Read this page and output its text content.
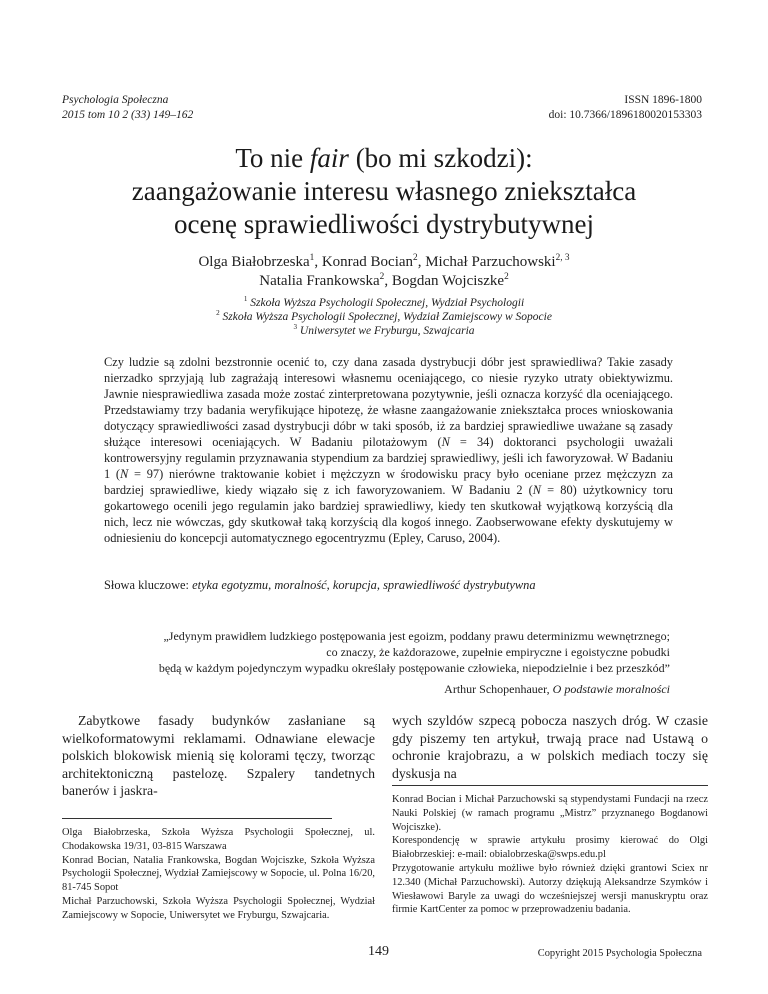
Psychologia Społeczna
2015 tom 10 2 (33) 149–162
ISSN 1896-1800
doi: 10.7366/1896180020153303
To nie fair (bo mi szkodzi):
zaangażowanie interesu własnego zniekształca
ocenę sprawiedliwości dystrybutywnej
Olga Białobrzeska$^1$, Konrad Bocian$^2$, Michał Parzuchowski$^{2, 3}$
Natalia Frankowska$^2$, Bogdan Wojciszke$^2$
$^1$ Szkoła Wyższa Psychologii Społecznej, Wydział Psychologii
$^2$ Szkoła Wyższa Psychologii Społecznej, Wydział Zamiejscowy w Sopocie
$^3$ Uniwersytet we Fryburgu, Szwajcaria
Czy ludzie są zdolni bezstronnie ocenić to, czy dana zasada dystrybucji dóbr jest sprawiedliwa? Takie zasady nierzadko sprzyjają lub zagrażają interesowi własnemu oceniającego, co niesie ryzyko utraty obiektywizmu. Jawnie niesprawiedliwa zasada może zostać zinterpretowana pozytywnie, jeśli oznacza korzyść dla oceniającego. Przedstawiamy trzy badania weryfikujące hipotezę, że własne zaangażowanie zniekształca proces wnioskowania dotyczący sprawiedliwości zasad dystrybucji dóbr w taki sposób, iż za bardziej sprawiedliwe uważane są zasady służące interesowi oceniających. W Badaniu pilotażowym (N = 34) doktoranci psychologii uważali kontrowersyjny regulamin przyznawania stypendium za bardziej sprawiedliwy, jeśli ich faworyzował. W Badaniu 1 (N = 97) nierówne traktowanie kobiet i mężczyzn w środowisku pracy było oceniane przez mężczyzn za bardziej sprawiedliwe, kiedy wiązało się z ich faworyzowaniem. W Badaniu 2 (N = 80) użytkownicy toru gokartowego ocenili jego regulamin jako bardziej sprawiedliwy, kiedy ten skutkował wyjątkową korzyścią dla nich, lecz nie wówczas, gdy skutkował taką korzyścią dla kogoś innego. Zaobserwowane efekty dyskutujemy w odniesieniu do koncepcji automatycznego egocentryzmu (Epley, Caruso, 2004).
Słowa kluczowe: etyka egotyzmu, moralność, korupcja, sprawiedliwość dystrybutywna
„Jedynym prawidłem ludzkiego postępowania jest egoizm, poddany prawu determinizmu wewnętrznego;
co znaczy, że każdorazowe, zupełnie empiryczne i egoistyczne pobudki
będą w każdym pojedynczym wypadku określały postępowanie człowieka, niepodzielnie i bez przeszkód”
Arthur Schopenhauer, O podstawie moralności

Zabytkowe fasady budynków zasłaniane są wielkoformatowymi reklamami. Odnawiane elewacje polskich blokowisk mienią się kolorami tęczy, tworząc architektoniczną pastelozę. Szpalery tandetnych banerów i jaskra-

wych szyldów szpecą pobocza naszych dróg. W czasie gdy piszemy ten artykuł, trwają prace nad Ustawą o ochronie krajobrazu, a w polskich mediach toczy się dyskusja na

Olga Białobrzeska, Szkoła Wyższa Psychologii Społecznej, ul. Chodakowska 19/31, 03-815 Warszawa

Konrad Bocian, Natalia Frankowska, Bogdan Wojciszke, Szkoła Wyższa Psychologii Społecznej, Wydział Zamiejscowy w Sopocie, ul. Polna 16/20, 81-745 Sopot

Michał Parzuchowski, Szkoła Wyższa Psychologii Społecznej, Wydział Zamiejscowy w Sopocie, Uniwersytet we Fryburgu, Szwajcaria.

Konrad Bocian i Michał Parzuchowski są stypendystami Fundacji na rzecz Nauki Polskiej (w ramach programu „Mistrz” przyznanego Bogdanowi Wojciszke).

Korespondencję w sprawie artykułu prosimy kierować do Olgi Białobrzeskiej: e-mail: obialobrzeska@swps.edu.pl

Przygotowanie artykułu możliwe było również dzięki grantowi Sciex nr 12.340 (Michał Parzuchowski). Autorzy dziękują Aleksandrze Szymków i Wiesławowi Baryle za uwagi do wcześniejszej wersji manuskryptu oraz firmie KartCenter za pomoc w przeprowadzeniu badania.

149	Copyright 2015 Psychologia Społeczna
